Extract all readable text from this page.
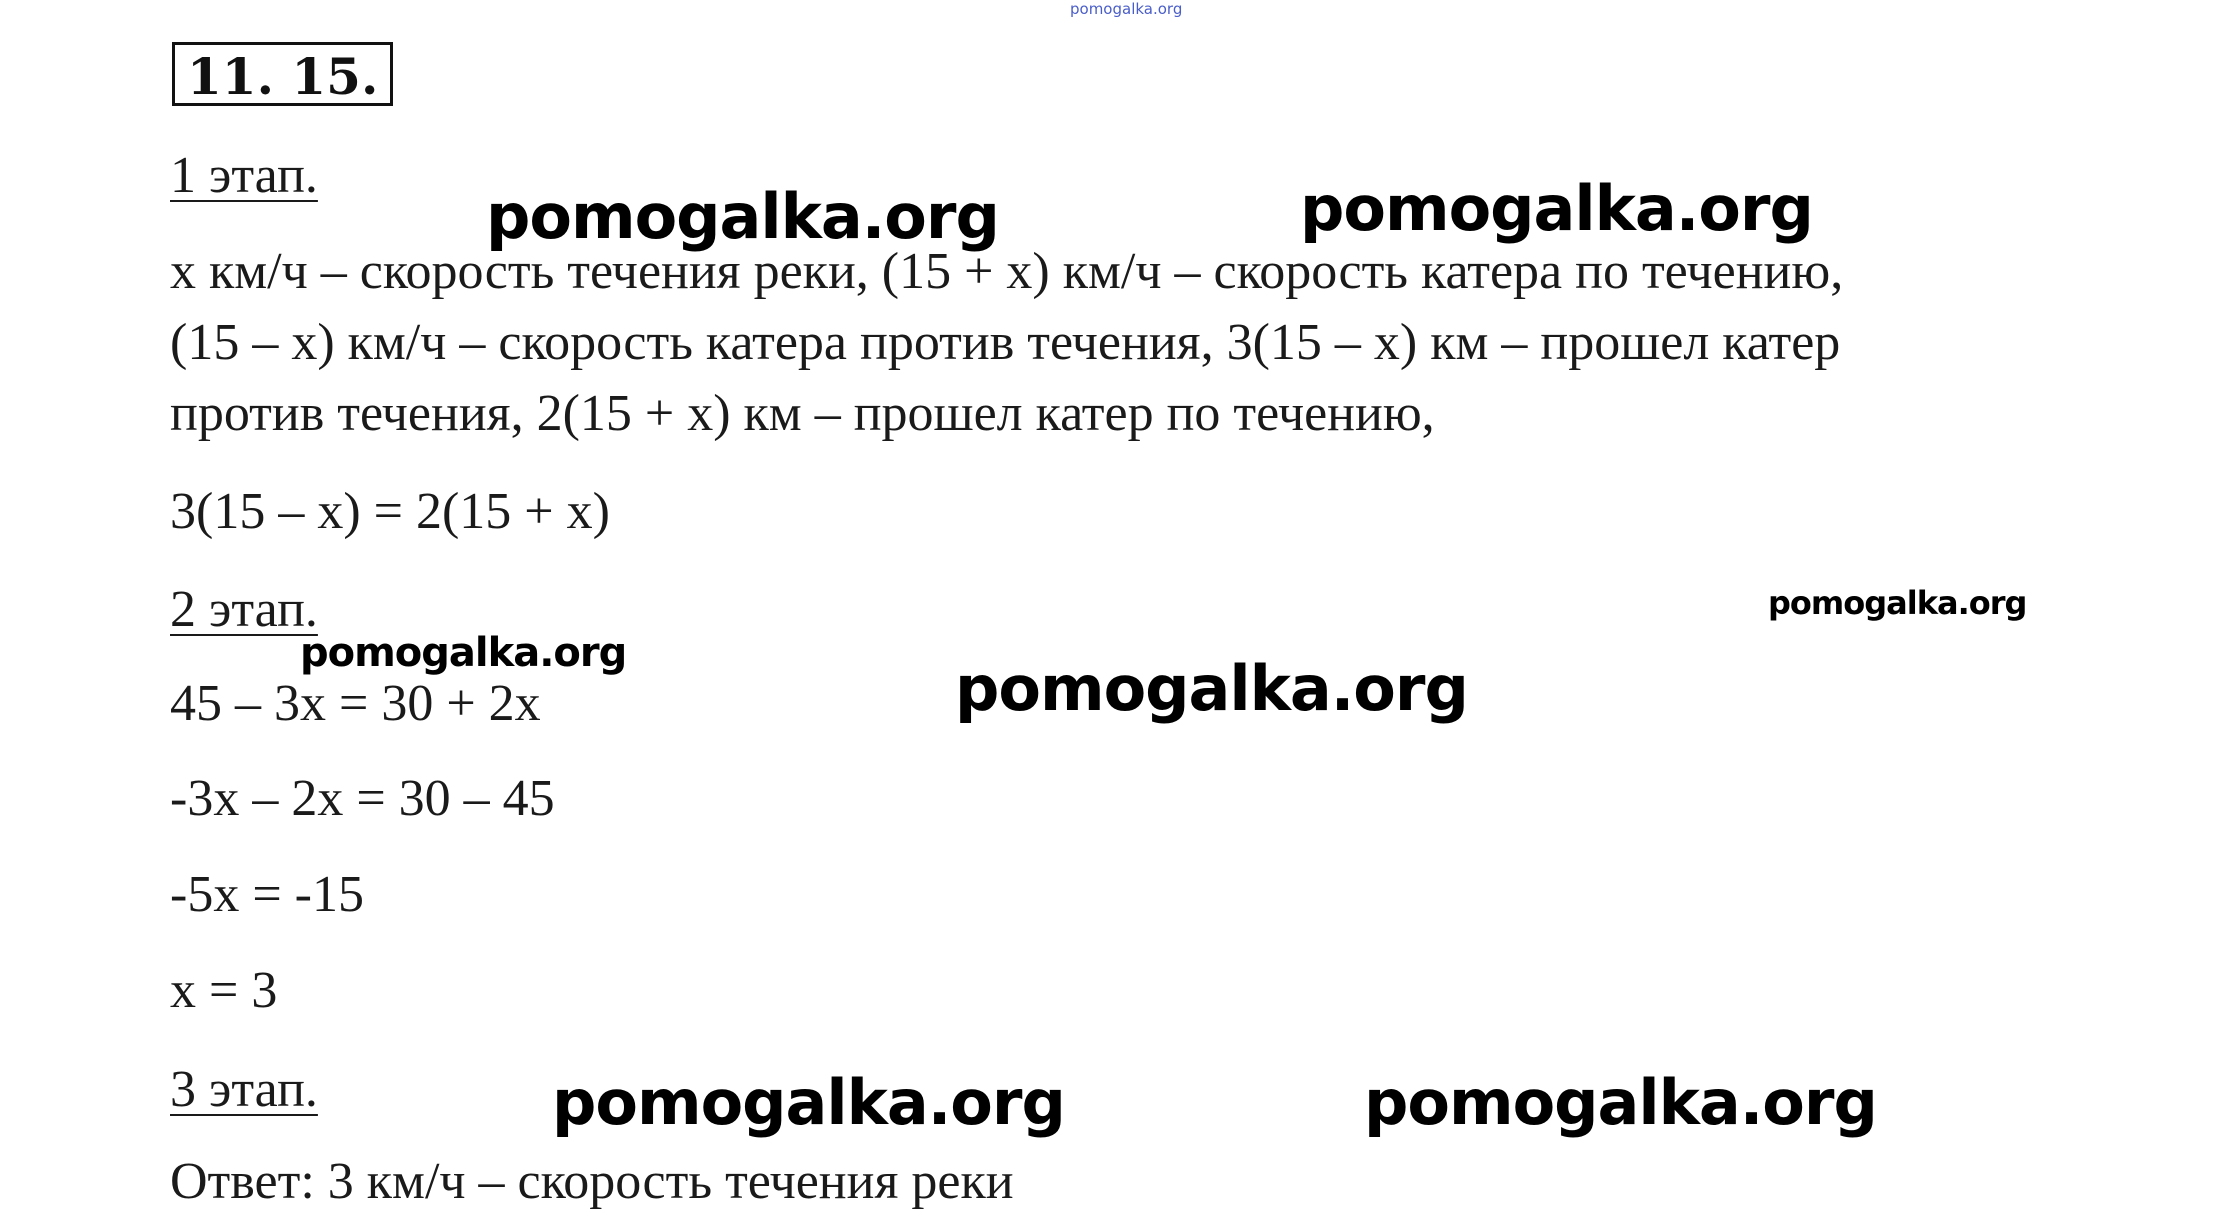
11. 15.
1 этап.
х км/ч – скорость течения реки, (15 + х) км/ч – скорость катера по течению,
(15 – х) км/ч – скорость катера против течения, 3(15 – х) км – прошел катер
против течения, 2(15 + х) км – прошел катер по течению,
3(15 – х) = 2(15 + х)
2 этап.
45 – 3х = 30 + 2х
-3х – 2х = 30 – 45
-5х = -15
х = 3
3 этап.
Ответ: 3 км/ч – скорость течения реки
pomogalka.org
pomogalka.org	pomogalka.org
pomogalka.org
pomogalka.org	pomogalka.org
pomogalka.org	pomogalka.org
